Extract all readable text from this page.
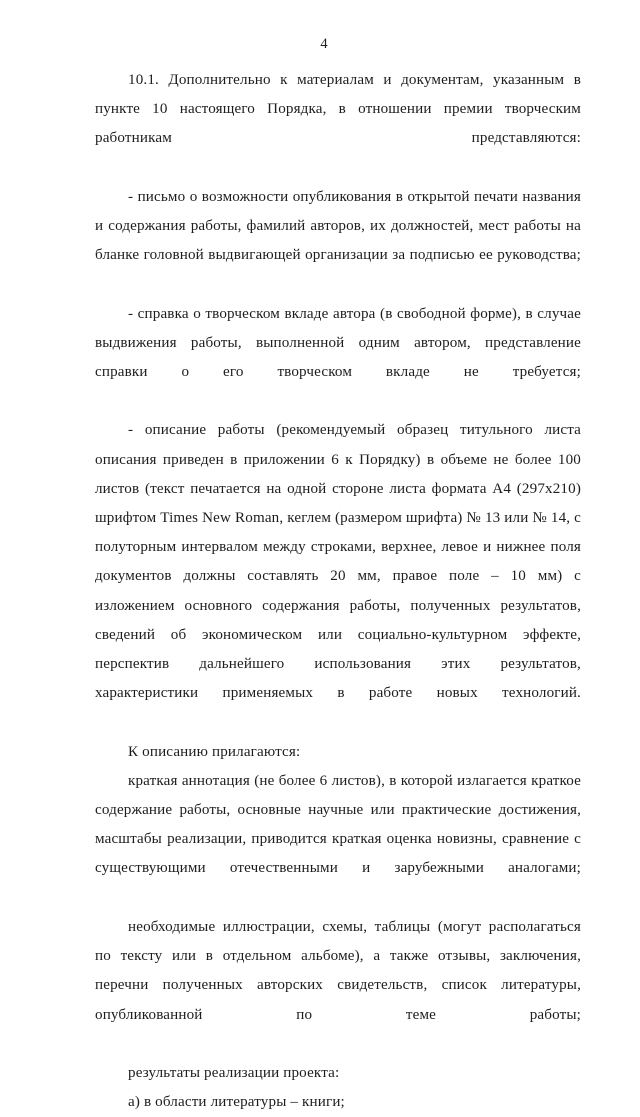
4

10.1. Дополнительно к материалам и документам, указанным в пункте 10 настоящего Порядка, в отношении премии творческим работникам представляются:

- письмо о возможности опубликования в открытой печати названия и содержания работы, фамилий авторов, их должностей, мест работы на бланке головной выдвигающей организации за подписью ее руководства;

- справка о творческом вкладе автора (в свободной форме), в случае выдвижения работы, выполненной одним автором, представление справки о его творческом вкладе не требуется;

- описание работы (рекомендуемый образец титульного листа описания приведен в приложении 6 к Порядку) в объеме не более 100 листов (текст печатается на одной стороне листа формата А4 (297х210) шрифтом Times New Roman, кеглем (размером шрифта) № 13 или № 14, с полуторным интервалом между строками, верхнее, левое и нижнее поля документов должны составлять 20 мм, правое поле – 10 мм) с изложением основного содержания работы, полученных результатов, сведений об экономическом или социально-культурном эффекте, перспектив дальнейшего использования этих результатов, характеристики применяемых в работе новых технологий.

К описанию прилагаются:

краткая аннотация (не более 6 листов), в которой излагается краткое содержание работы, основные научные или практические достижения, масштабы реализации, приводится краткая оценка новизны, сравнение с существующими отечественными и зарубежными аналогами;

необходимые иллюстрации, схемы, таблицы (могут располагаться по тексту или в отдельном альбоме), а также отзывы, заключения, перечни полученных авторских свидетельств, список литературы, опубликованной по теме работы;

результаты реализации проекта:

а) в области литературы – книги;
